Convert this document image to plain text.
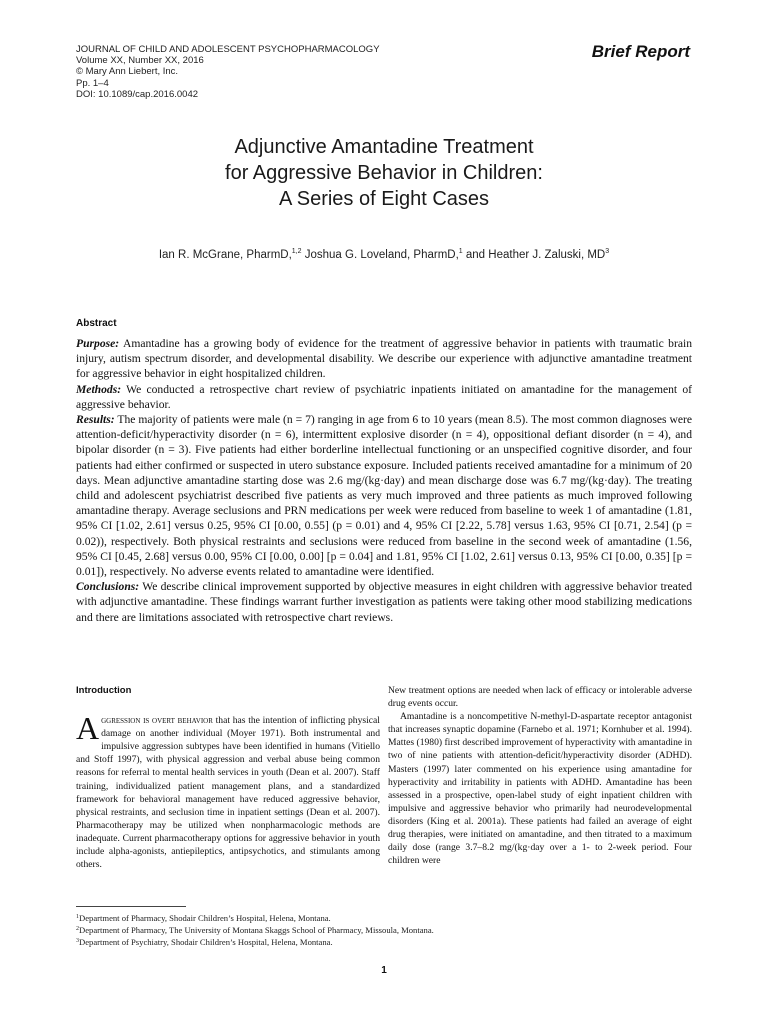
JOURNAL OF CHILD AND ADOLESCENT PSYCHOPHARMACOLOGY
Volume XX, Number XX, 2016
© Mary Ann Liebert, Inc.
Pp. 1–4
DOI: 10.1089/cap.2016.0042
Brief Report
Adjunctive Amantadine Treatment
for Aggressive Behavior in Children:
A Series of Eight Cases
Ian R. McGrane, PharmD,$^{1,2}$ Joshua G. Loveland, PharmD,$^1$ and Heather J. Zaluski, $MD^3$
Abstract

Purpose: Amantadine has a growing body of evidence for the treatment of aggressive behavior in patients with traumatic brain injury, autism spectrum disorder, and developmental disability. We describe our experience with adjunctive amantadine treatment for aggressive behavior in eight hospitalized children.

Methods: We conducted a retrospective chart review of psychiatric inpatients initiated on amantadine for the management of aggressive behavior.

Results: The majority of patients were male (n = 7) ranging in age from 6 to 10 years (mean 8.5). The most common diagnoses were attention-deficit/hyperactivity disorder (n = 6), intermittent explosive disorder (n = 4), oppositional defiant disorder (n = 4), and bipolar disorder (n = 3). Five patients had either borderline intellectual functioning or an unspecified cognitive disorder, and four patients had either confirmed or suspected in utero substance exposure. Included patients received amantadine for a minimum of 20 days. Mean adjunctive amantadine starting dose was 2.6 mg/(kg·day) and mean discharge dose was 6.7 mg/(kg·day). The treating child and adolescent psychiatrist described five patients as very much improved and three patients as much improved following amantadine therapy. Average seclusions and PRN medications per week were reduced from baseline to week 1 of amantadine (1.81, 95% CI [1.02, 2.61] versus 0.25, 95% CI [0.00, 0.55] (p = 0.01) and 4, 95% CI [2.22, 5.78] versus 1.63, 95% CI [0.71, 2.54] (p = 0.02)), respectively. Both physical restraints and seclusions were reduced from baseline in the second week of amantadine (1.56, 95% CI [0.45, 2.68] versus 0.00, 95% CI [0.00, 0.00] [p = 0.04] and 1.81, 95% CI [1.02, 2.61] versus 0.13, 95% CI [0.00, 0.35] [p = 0.01]), respectively. No adverse events related to amantadine were identified.

Conclusions: We describe clinical improvement supported by objective measures in eight children with aggressive behavior treated with adjunctive amantadine. These findings warrant further investigation as patients were taking other mood stabilizing medications and there are limitations associated with retrospective chart reviews.

Introduction

Aggression is overt behavior that has the intention of inflicting physical damage on another individual (Moyer 1971). Both instrumental and impulsive aggression subtypes have been identified in humans (Vitiello and Stoff 1997), with physical aggression and verbal abuse being common reasons for referral to mental health services in youth (Dean et al. 2007). Staff training, individualized patient management plans, and a standardized framework for behavioral management have reduced aggressive behavior, physical restraints, and seclusion time in inpatient settings (Dean et al. 2007). Pharmacotherapy may be utilized when nonpharmacologic methods are inadequate. Current pharmacotherapy options for aggressive behavior in youth include alpha-agonists, antiepileptics, antipsychotics, and stimulants among others.

New treatment options are needed when lack of efficacy or intolerable adverse drug events occur.

Amantadine is a noncompetitive N-methyl-D-aspartate receptor antagonist that increases synaptic dopamine (Farnebo et al. 1971; Kornhuber et al. 1994). Mattes (1980) first described improvement of hyperactivity with amantadine in two of nine patients with attention-deficit/hyperactivity disorder (ADHD). Masters (1997) later commented on his experience using amantadine for hyperactivity and irritability in patients with ADHD. Amantadine has been assessed in a prospective, open-label study of eight inpatient children with impulsive and aggressive behavior who primarily had neurodevelopmental disorders (King et al. 2001a). These patients had failed an average of eight drug therapies, were initiated on amantadine, and then titrated to a maximum daily dose (range 3.7–8.2 mg/(kg·day over a 1- to 2-week period. Four children were

$^1$Department of Pharmacy, Shodair Children’s Hospital, Helena, Montana.
$^2$Department of Pharmacy, The University of Montana Skaggs School of Pharmacy, Missoula, Montana.
$^3$Department of Psychiatry, Shodair Children’s Hospital, Helena, Montana.
1
